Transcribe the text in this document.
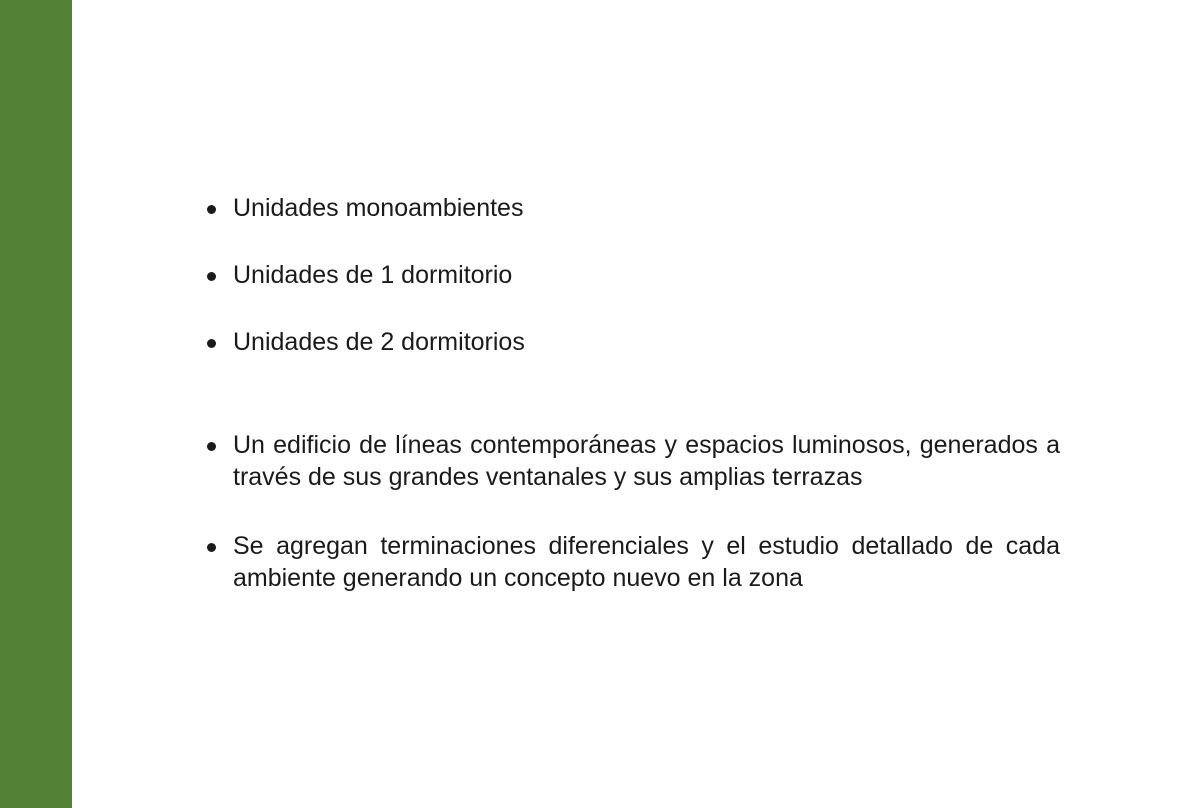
Unidades monoambientes
Unidades de 1 dormitorio
Unidades de 2 dormitorios
Un edificio de líneas contemporáneas y espacios luminosos, generados a través de sus grandes ventanales y sus amplias terrazas
Se agregan terminaciones diferenciales y el estudio detallado de cada ambiente generando un concepto nuevo en la zona
